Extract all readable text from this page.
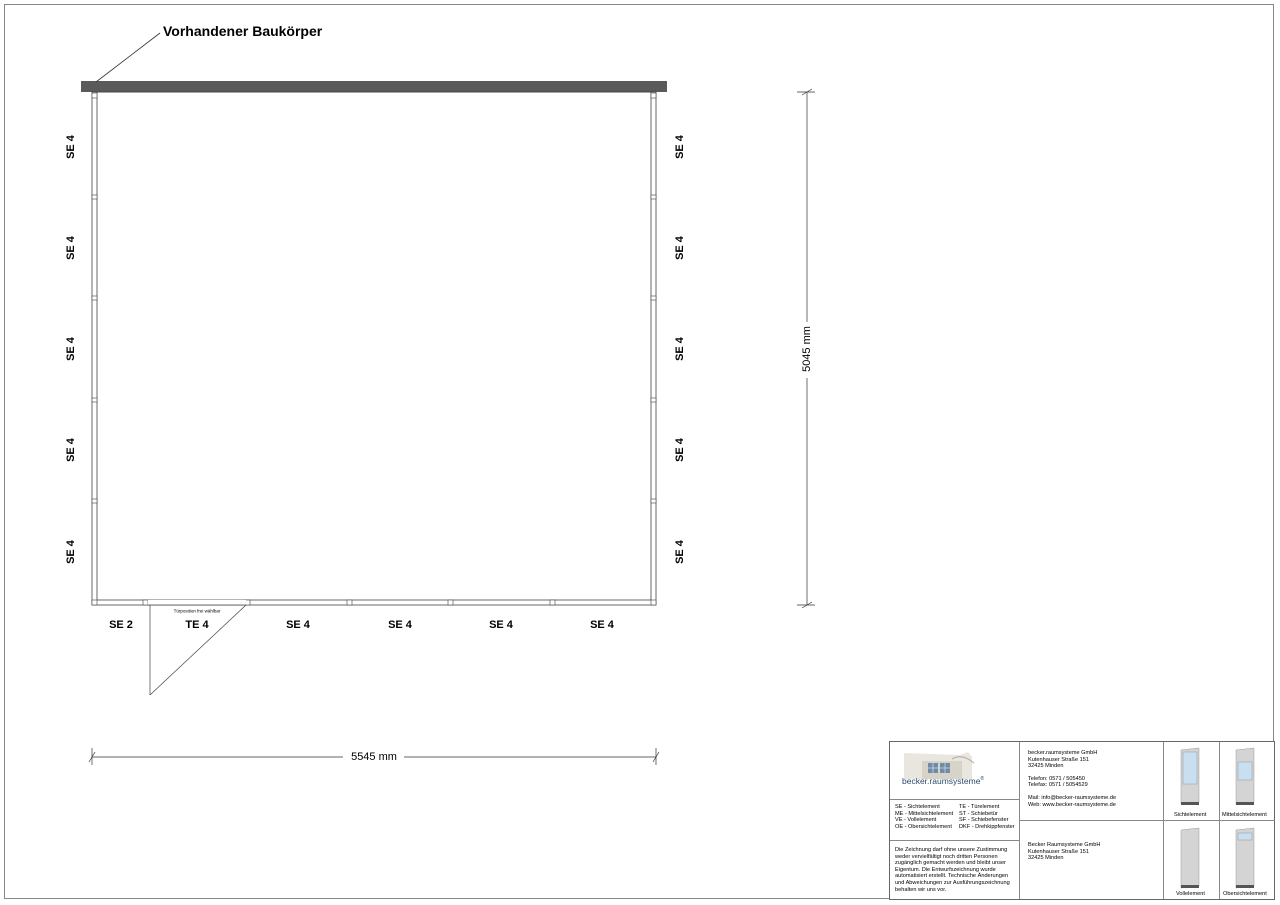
Vorhandener Baukörper
SE 4
SE 4
SE 4
SE 4
SE 4
SE 4
SE 4
SE 4
SE 4
SE 4
SE 2	TE 4	SE 4	SE 4	SE 4	SE 4
Türposition frei wählbar
5545 mm
5045 mm
becker.raumsysteme®
SE - Sichtelement
ME - Mittelsichtelement
VE - Vollelement
OE - Obersichtelement
TE - Türelement
ST - Schiebetür
SF - Schiebefenster
DKF - Drehkippfenster
Die Zeichnung darf ohne unsere Zustimmung
weder vervielfältigt noch dritten Personen
zugänglich gemacht werden und bleibt unser
Eigentum. Die Entwurfszeichnung wurde
automatisiert erstellt. Technische Änderungen
und Abweichungen zur Ausführungszeichnung
behalten wir uns vor.
becker.raumsysteme GmbH
Kutenhauser Straße 151
32425 Minden
Telefon: 0571 / 505450
Telefax: 0571 / 5054529
Mail: info@becker-raumsysteme.de
Web: www.becker-raumsysteme.de
Becker Raumsysteme GmbH
Kutenhauser Straße 151
32425 Minden
Sichtelement	Mittelsichtelement
Vollelement	Obersichtelement
